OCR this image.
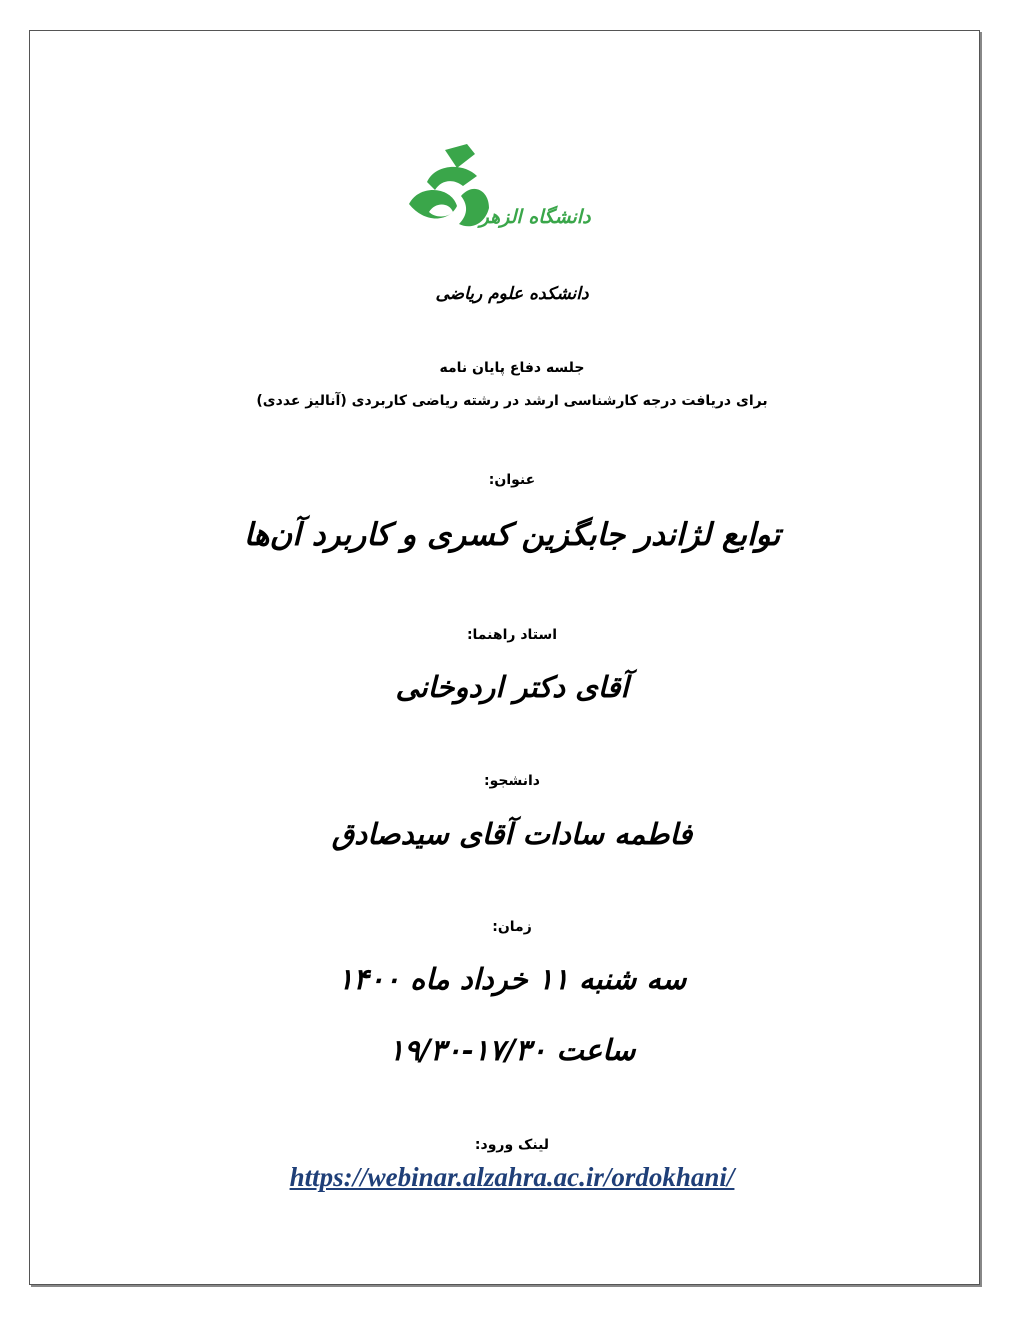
دانشگاه الزهراء
دانشکده علوم ریاضی
جلسه دفاع پایان نامه
برای دریافت درجه کارشناسی ارشد در رشته ریاضی کاربردی (آنالیز عددی)
عنوان:
توابع لژاندر جابگزین کسری و کاربرد آن‌ها
استاد راهنما:
آقای دکتر اردوخانی
دانشجو:
فاطمه سادات آقای سیدصادق
زمان:
سه شنبه ۱۱ خرداد ماه ۱۴۰۰
ساعت ۱۷/۳۰-۱۹/۳۰
لینک ورود:
https://webinar.alzahra.ac.ir/ordokhani/
